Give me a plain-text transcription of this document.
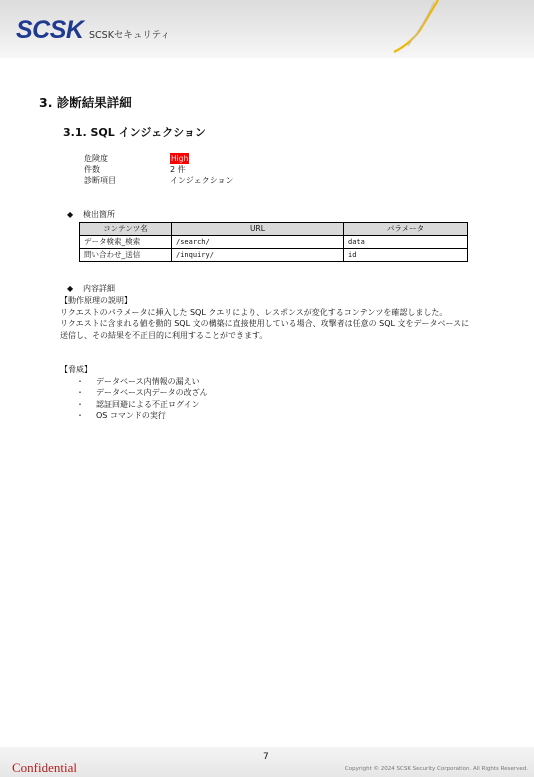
SCSK SCSKセキュリティ
3. 診断結果詳細
3.1. SQL インジェクション
危険度	High
件数	2 件
診断項目	インジェクション
◆ 検出箇所
コンテンツ名	URL	パラメータ
データ検索_検索	/search/	data
問い合わせ_送信	/inquiry/	id
◆ 内容詳細

【動作原理の説明】

リクエストのパラメータに挿入した SQL クエリにより、レスポンスが変化するコンテンツを確認しました。

リクエストに含まれる値を動的 SQL 文の構築に直接使用している場合、攻撃者は任意の SQL 文をデータベースに送信し、その結果を不正目的に利用することができます。

【脅威】

・	データベース内情報の漏えい
・	データベース内データの改ざん
・	認証回避による不正ログイン
・	OS コマンドの実行
Confidential
7
Copyright © 2024 SCSK Security Corporation. All Rights Reserved.
